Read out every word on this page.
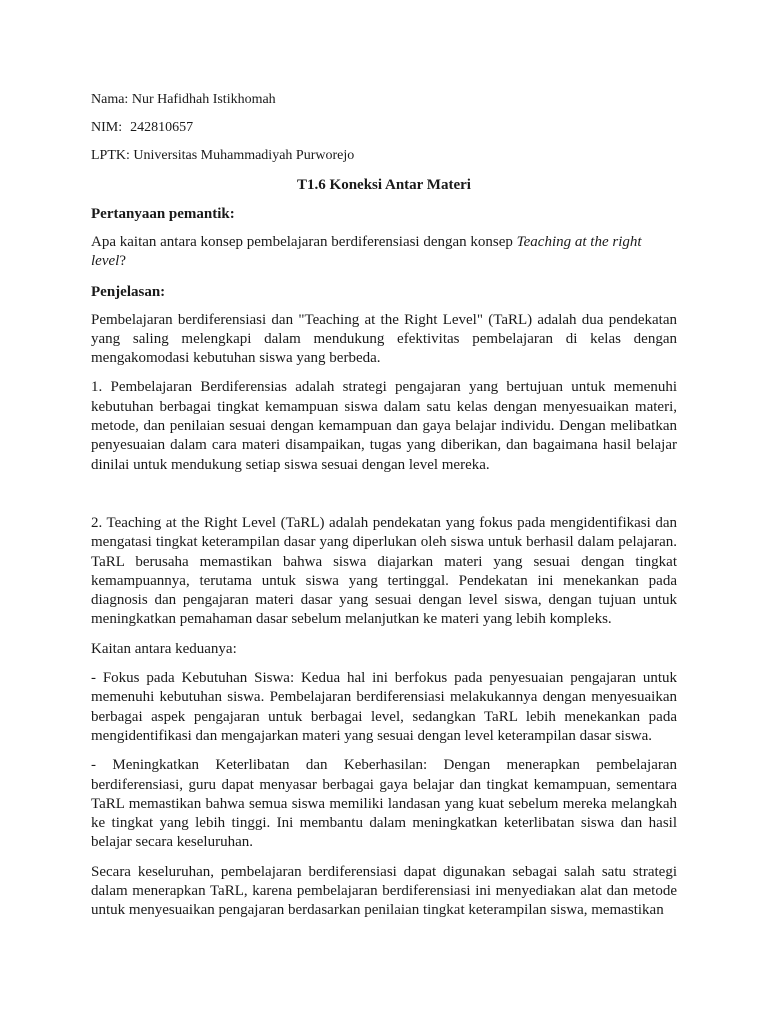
Nama: Nur Hafidhah Istikhomah

NIM: 242810657

LPTK: Universitas Muhammadiyah Purworejo

T1.6 Koneksi Antar Materi

Pertanyaan pemantik:

Apa kaitan antara konsep pembelajaran berdiferensiasi dengan konsep Teaching at the right level?

Penjelasan:

Pembelajaran berdiferensiasi dan "Teaching at the Right Level" (TaRL) adalah dua pendekatan yang saling melengkapi dalam mendukung efektivitas pembelajaran di kelas dengan mengakomodasi kebutuhan siswa yang berbeda.

1. Pembelajaran Berdiferensias adalah strategi pengajaran yang bertujuan untuk memenuhi kebutuhan berbagai tingkat kemampuan siswa dalam satu kelas dengan menyesuaikan materi, metode, dan penilaian sesuai dengan kemampuan dan gaya belajar individu. Dengan melibatkan penyesuaian dalam cara materi disampaikan, tugas yang diberikan, dan bagaimana hasil belajar dinilai untuk mendukung setiap siswa sesuai dengan level mereka.

2. Teaching at the Right Level (TaRL) adalah pendekatan yang fokus pada mengidentifikasi dan mengatasi tingkat keterampilan dasar yang diperlukan oleh siswa untuk berhasil dalam pelajaran. TaRL berusaha memastikan bahwa siswa diajarkan materi yang sesuai dengan tingkat kemampuannya, terutama untuk siswa yang tertinggal. Pendekatan ini menekankan pada diagnosis dan pengajaran materi dasar yang sesuai dengan level siswa, dengan tujuan untuk meningkatkan pemahaman dasar sebelum melanjutkan ke materi yang lebih kompleks.

Kaitan antara keduanya:

- Fokus pada Kebutuhan Siswa: Kedua hal ini berfokus pada penyesuaian pengajaran untuk memenuhi kebutuhan siswa. Pembelajaran berdiferensiasi melakukannya dengan menyesuaikan berbagai aspek pengajaran untuk berbagai level, sedangkan TaRL lebih menekankan pada mengidentifikasi dan mengajarkan materi yang sesuai dengan level keterampilan dasar siswa.

- Meningkatkan Keterlibatan dan Keberhasilan: Dengan menerapkan pembelajaran berdiferensiasi, guru dapat menyasar berbagai gaya belajar dan tingkat kemampuan, sementara TaRL memastikan bahwa semua siswa memiliki landasan yang kuat sebelum mereka melangkah ke tingkat yang lebih tinggi. Ini membantu dalam meningkatkan keterlibatan siswa dan hasil belajar secara keseluruhan.

Secara keseluruhan, pembelajaran berdiferensiasi dapat digunakan sebagai salah satu strategi dalam menerapkan TaRL, karena pembelajaran berdiferensiasi ini menyediakan alat dan metode untuk menyesuaikan pengajaran berdasarkan penilaian tingkat keterampilan siswa, memastikan
